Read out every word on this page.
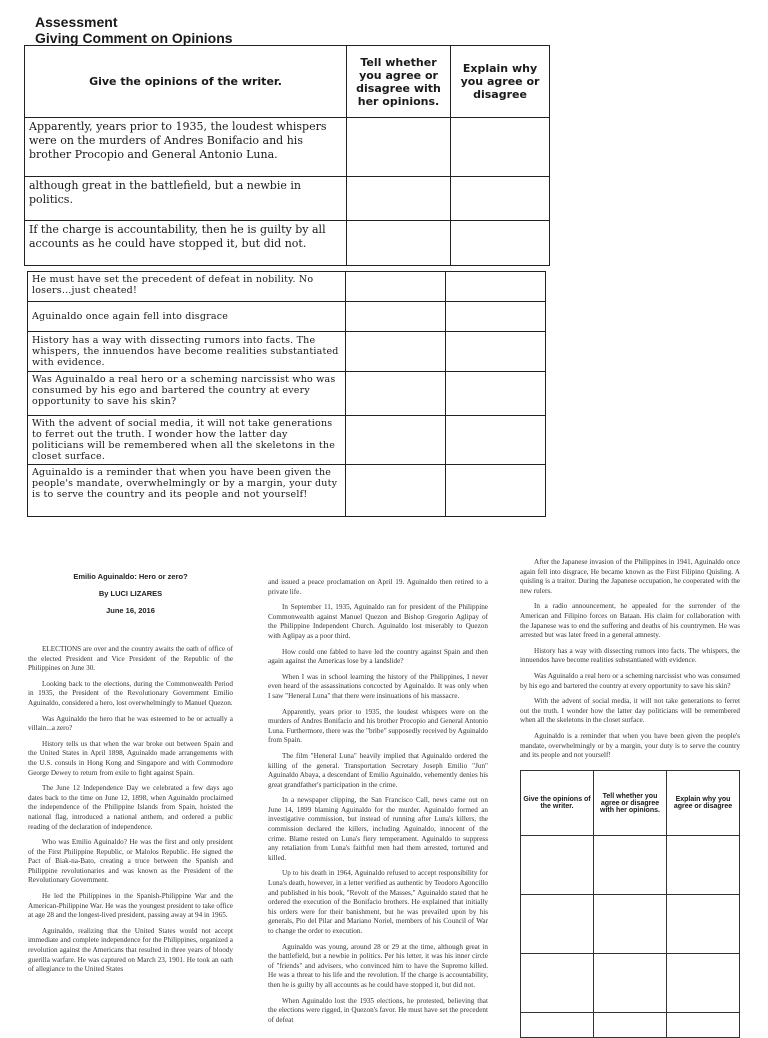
Assessment
Giving Comment on Opinions
Give the opinions of the writer.	Tell whether you agree or disagree with her opinions.	Explain why you agree or disagree
Apparently, years prior to 1935, the loudest whispers were on the murders of Andres Bonifacio and his brother Procopio and General Antonio Luna.		
although great in the battlefield, but a newbie in politics.		

If the charge is accountability, then he is guilty by all accounts as he could have stopped it, but did not.		

He must have set the precedent of defeat in nobility. No losers...just cheated!		
Aguinaldo once again fell into disgrace		
History has a way with dissecting rumors into facts. The whispers, the innuendos have become realities substantiated with evidence.		
Was Aguinaldo a real hero or a scheming narcissist who was consumed by his ego and bartered the country at every opportunity to save his skin?		
With the advent of social media, it will not take generations to ferret out the truth. I wonder how the latter day politicians will be remembered when all the skeletons in the closet surface.		
Aguinaldo is a reminder that when you have been given the people's mandate, overwhelmingly or by a margin, your duty is to serve the country and its people and not yourself!		
Emilio Aguinaldo: Hero or zero?
By LUCI LIZARES
June 16, 2016

ELECTIONS are over and the country awaits the oath of office of the elected President and Vice President of the Republic of the Philippines on June 30.

Looking back to the elections, during the Commonwealth Period in 1935, the President of the Revolutionary Government Emilio Aguinaldo, considered a hero, lost overwhelmingly to Manuel Quezon.

Was Aguinaldo the hero that he was esteemed to be or actually a villain...a zero?

History tells us that when the war broke out between Spain and the United States in April 1898, Aguinaldo made arrangements with the U.S. consuls in Hong Kong and Singapore and with Commodore George Dewey to return from exile to fight against Spain.

The June 12 Independence Day we celebrated a few days ago dates back to the time on June 12, 1898, when Aguinaldo proclaimed the independence of the Philippine Islands from Spain, hoisted the national flag, introduced a national anthem, and ordered a public reading of the declaration of independence.

Who was Emilio Aguinaldo? He was the first and only president of the First Philippine Republic, or Malolos Republic. He signed the Pact of Biak-na-Bato, creating a truce between the Spanish and Philippine revolutionaries and was known as the President of the Revolutionary Government.

He led the Philippines in the Spanish-Philippine War and the American-Philippine War. He was the youngest president to take office at age 28 and the longest-lived president, passing away at 94 in 1965.

Aguinaldo, realizing that the United States would not accept immediate and complete independence for the Philippines, organized a revolution against the Americans that resulted in three years of bloody guerilla warfare. He was captured on March 23, 1901. He took an oath of allegiance to the United States

and issued a peace proclamation on April 19. Aguinaldo then retired to a private life.

In September 11, 1935, Aguinaldo ran for president of the Philippine Commonwealth against Manuel Quezon and Bishop Gregorio Aglipay of the Philippine Independent Church. Aguinaldo lost miserably to Quezon with Aglipay as a poor third.

How could one fabled to have led the country against Spain and then again against the Americas lose by a landslide?

When I was in school learning the history of the Philippines, I never even heard of the assassinations concocted by Aguinaldo. It was only when I saw "Heneral Luna" that there were insinuations of his massacre.

Apparently, years prior to 1935, the loudest whispers were on the murders of Andres Bonifacio and his brother Procopio and General Antonio Luna. Furthermore, there was the "bribe" supposedly received by Aguinaldo from Spain.

The film "Heneral Luna" heavily implied that Aguinaldo ordered the killing of the general. Transportation Secretary Joseph Emilio "Jun" Aguinaldo Abaya, a descendant of Emilio Aguinaldo, vehemently denies his great grandfather's participation in the crime.

In a newspaper clipping, the San Francisco Call, news came out on June 14, 1899 blaming Aguinaldo for the murder. Aguinaldo formed an investigative commission, but instead of running after Luna's killers, the commission declared the killers, including Aguinaldo, innocent of the crime. Blame rested on Luna's fiery temperament. Aguinaldo to suppress any retaliation from Luna's faithful men had them arrested, tortured and killed.

Up to his death in 1964, Aguinaldo refused to accept responsibility for Luna's death, however, in a letter verified as authentic by Teodoro Agoncillo and published in his book, "Revolt of the Masses," Aguinaldo stated that he ordered the execution of the Bonifacio brothers. He explained that initially his orders were for their banishment, but he was prevailed upon by his generals, Pio del Pilar and Mariano Noriel, members of his Council of War to change the order to execution.

Aguinaldo was young, around 28 or 29 at the time, although great in the battlefield, but a newbie in politics. Per his letter, it was his inner circle of "friends" and advisers, who convinced him to have the Supremo killed. He was a threat to his life and the revolution. If the charge is accountability, then he is guilty by all accounts as he could have stopped it, but did not.

When Aguinaldo lost the 1935 elections, he protested, believing that the elections were rigged, in Quezon's favor. He must have set the precedent of defeat

After the Japanese invasion of the Philippines in 1941, Aguinaldo once again fell into disgrace, He became known as the First Filipino Quisling. A quisling is a traitor. During the Japanese occupation, he cooperated with the new rulers.

In a radio announcement, he appealed for the surrender of the American and Filipino forces on Bataan. His claim for collaboration with the Japanese was to end the suffering and deaths of his countrymen. He was arrested but was later freed in a general amnesty.

History has a way with dissecting rumors into facts. The whispers, the innuendos have become realities substantiated with evidence.

Was Aguinaldo a real hero or a scheming narcissist who was consumed by his ego and bartered the country at every opportunity to save his skin?

With the advent of social media, it will not take generations to ferret out the truth. I wonder how the latter day politicians will be remembered when all the skeletons in the closet surface.

Aguinaldo is a reminder that when you have been given the people's mandate, overwhelmingly or by a margin, your duty is to serve the country and its people and not yourself!

Give the opinions of the writer.	Tell whether you agree or disagree with her opinions.	Explain why you agree or disagree
